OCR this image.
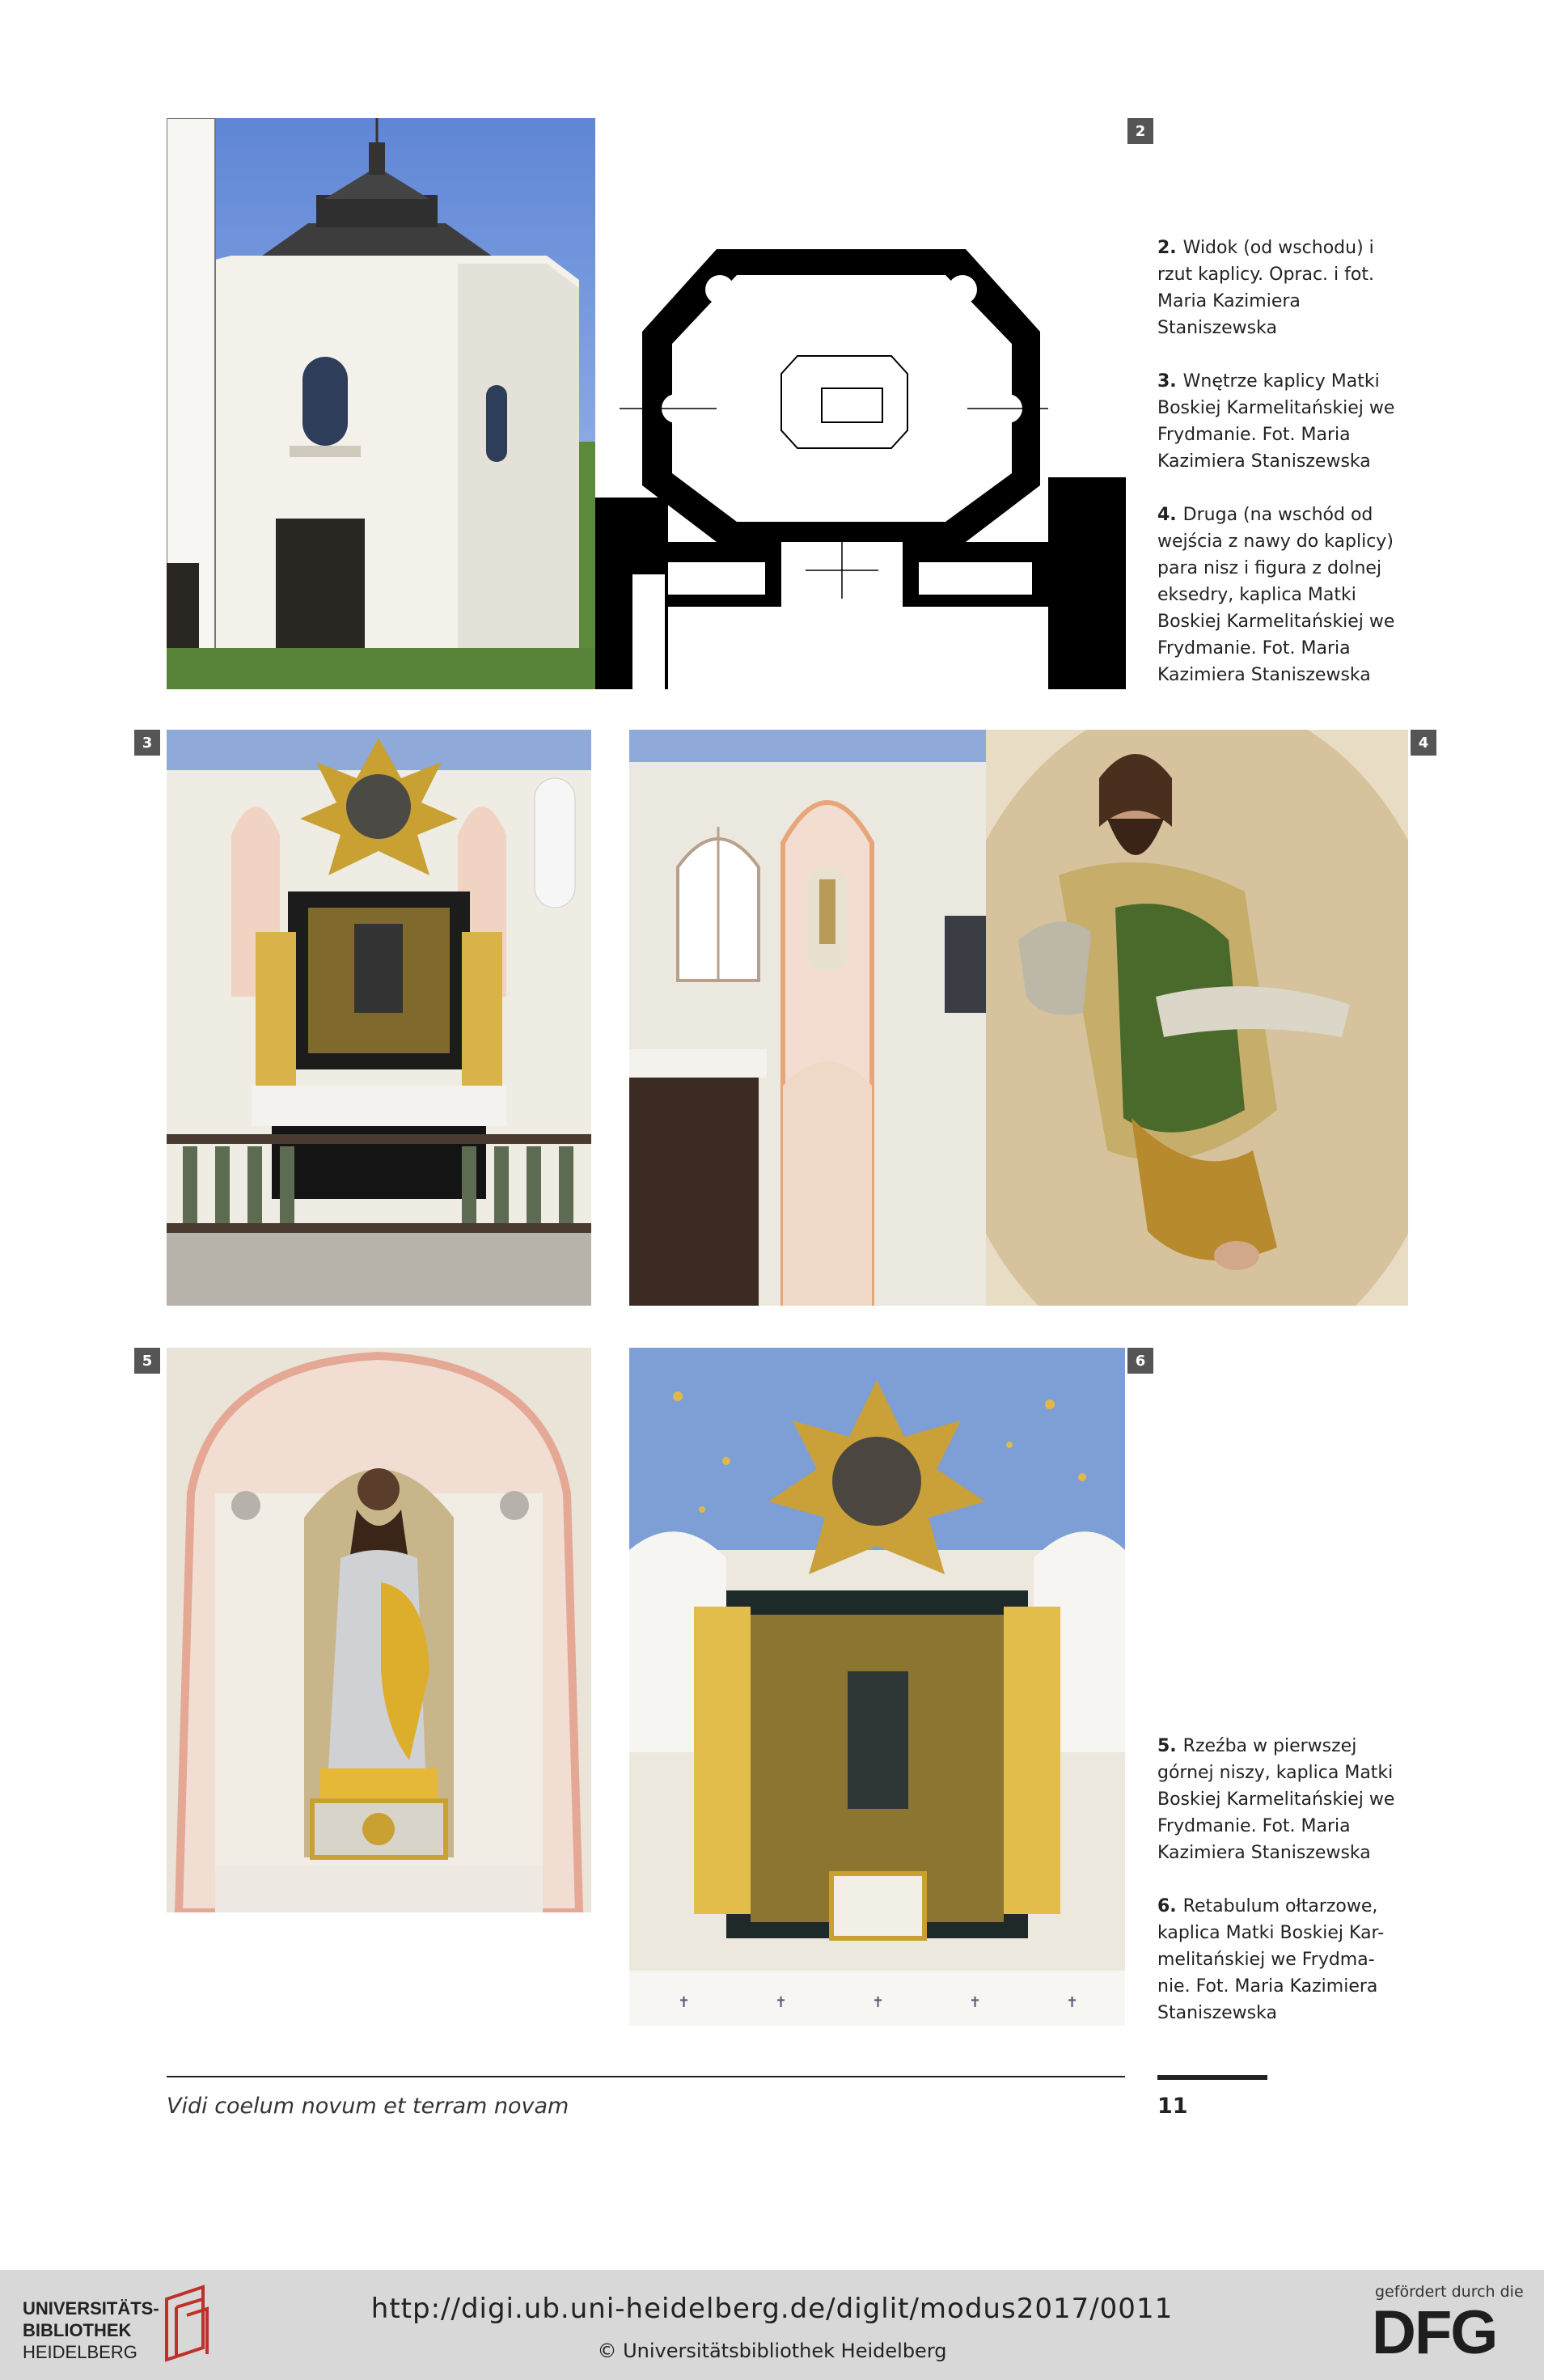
2

2. Widok (od wschodu) i rzut kaplicy. Oprac. i fot. Maria Kazimiera Staniszewska

3. Wnętrze kaplicy Matki Boskiej Karmelitańskiej we Frydmanie. Fot. Maria Kazimiera Staniszewska

4. Druga (na wschód od wejścia z nawy do kaplicy) para nisz i figura z dolnej eksedry, kaplica Matki Boskiej Karmelitańskiej we Frydmanie. Fot. Maria Kazimiera Staniszewska

3	4
5
✝	✝	✝	✝	✝
6

5. Rzeźba w pierwszej górnej niszy, kaplica Matki Boskiej Karmelitańskiej we Frydmanie. Fot. Maria Kazimiera Staniszewska

6. Retabulum ołtarzowe, kaplica Matki Boskiej Kar- melitańskiej we Frydma- nie. Fot. Maria Kazimiera Staniszewska

Vidi coelum novum et terram novam	11
UNIVERSITÄTS-
BIBLIOTHEK
HEIDELBERG
http://digi.ub.uni-heidelberg.de/diglit/modus2017/0011
© Universitätsbibliothek Heidelberg
gefördert durch die
DFG
